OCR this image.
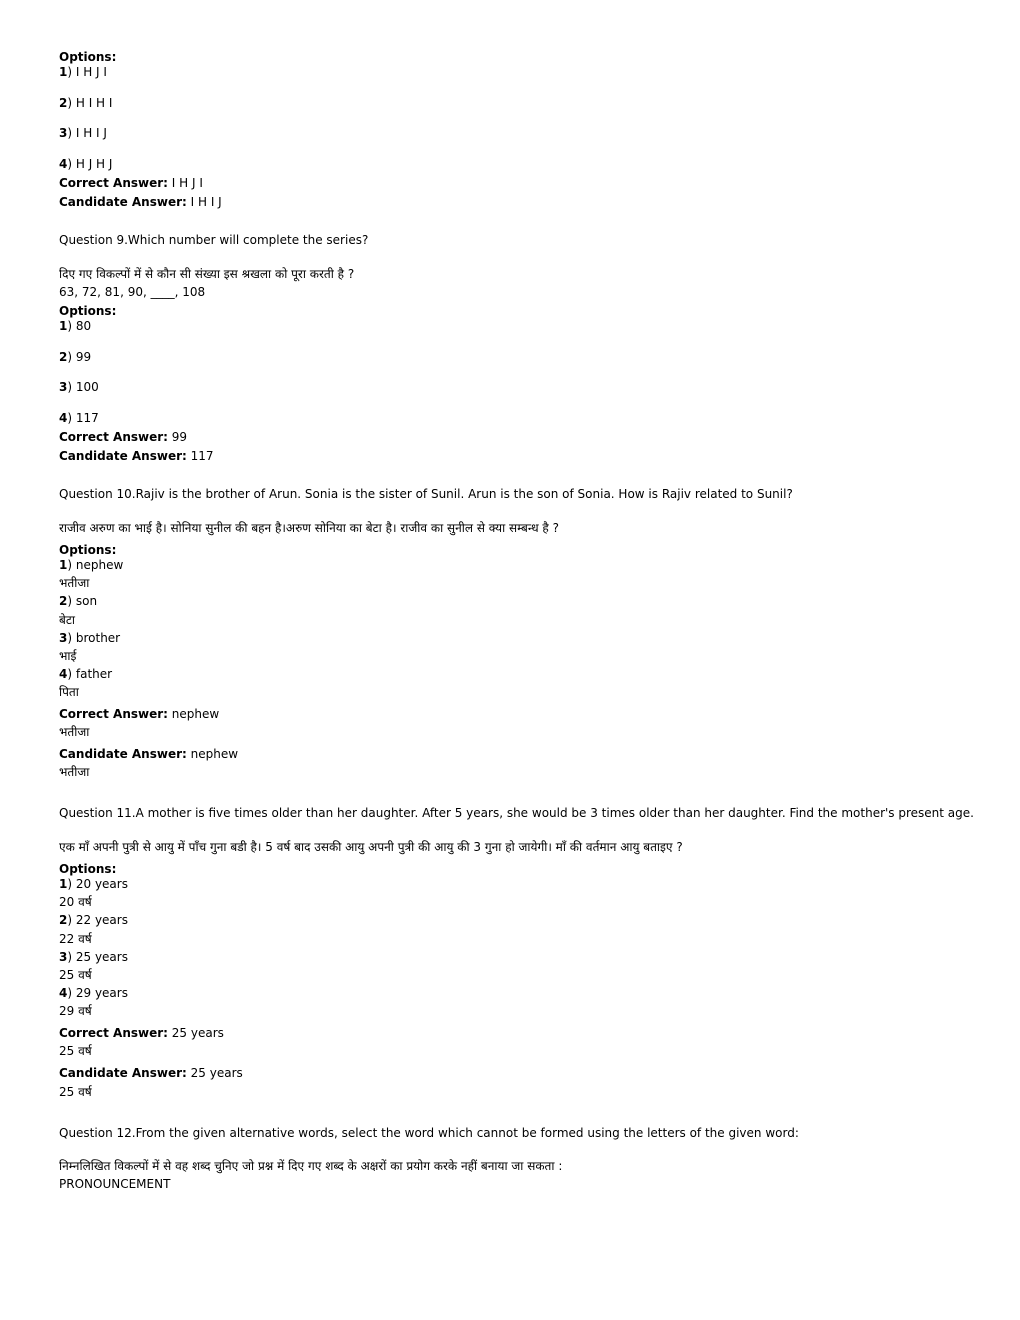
Options:
1) I H J I
2) H I H I
3) I H I J
4) H J H J
Correct Answer: I H J I
Candidate Answer: I H I J
Question 9.Which number will complete the series?
दिए गए विकल्पों में से कौन सी संख्या इस श्रखला को पूरा करती है ?
63, 72, 81, 90, ____, 108
Options:
1) 80
2) 99
3) 100
4) 117
Correct Answer: 99
Candidate Answer: 117
Question 10.Rajiv is the brother of Arun. Sonia is the sister of Sunil. Arun is the son of Sonia. How is Rajiv related to Sunil?
राजीव अरुण का भाई है। सोनिया सुनील की बहन है।अरुण सोनिया का बेटा है। राजीव का सुनील से क्या सम्बन्ध है ?
Options:
1) nephew
भतीजा
2) son
बेटा
3) brother
भाई
4) father
पिता
Correct Answer: nephew
भतीजा
Candidate Answer: nephew
भतीजा
Question 11.A mother is five times older than her daughter. After 5 years, she would be 3 times older than her daughter. Find the mother's present age.
एक माँ अपनी पुत्री से आयु में पाँच गुना बडी है। 5 वर्ष बाद उसकी आयु अपनी पुत्री की आयु की 3 गुना हो जायेगी। माँ की वर्तमान आयु बताइए ?
Options:
1) 20 years
20 वर्ष
2) 22 years
22 वर्ष
3) 25 years
25 वर्ष
4) 29 years
29 वर्ष
Correct Answer: 25 years
25 वर्ष
Candidate Answer: 25 years
25 वर्ष
Question 12.From the given alternative words, select the word which cannot be formed using the letters of the given word:
निम्नलिखित विकल्पों में से वह शब्द चुनिए जो प्रश्न में दिए गए शब्द के अक्षरों का प्रयोग करके नहीं बनाया जा सकता :
PRONOUNCEMENT
